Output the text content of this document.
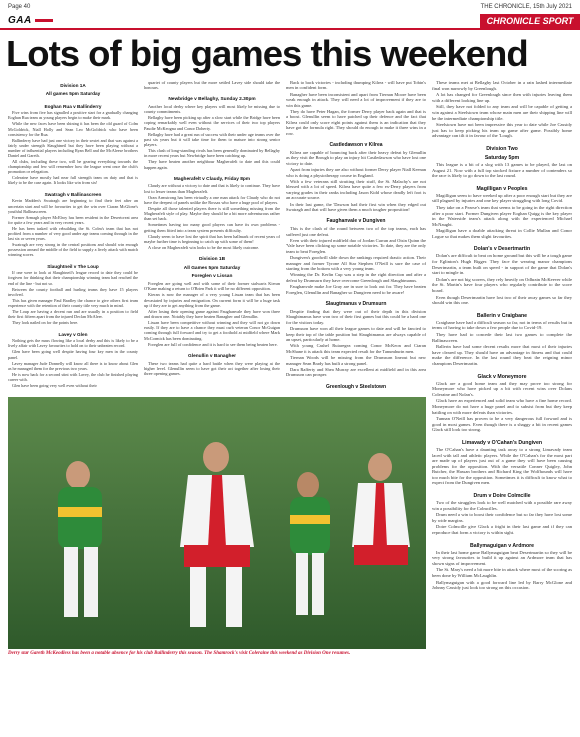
Page 40	THE CHRONICLE, 15th July 2021
GAA	CHRONICLE SPORT
Lots of big games this weekend
Division 1A
All games 5pm Saturday
Eoghan Rua v Ballinderry

Five wins from five has signalled a positive start for a gradually changing Eoghan Rua team as young players begin to make their mark.

While the new faces have been shining it has been the old guard of Colm McGoldrick, Niall Holly and Sean Leo McGoldrick who have been consistency for the Rua.

Ballinderry have had just one victory in their sextet and that was against a fairly under strength Slaughtneil but they have been playing without a number of influential players including Ryan Bell and the McAleese brothers Daniel and Gareth.

All clubs, including these two, will be gearing everything towards the championship and few will remember how the league went once the club's promotion or relegation.

Coleraine have mostly had near full strength team on duty and that is likely to be the case again. It looks like win from six!

Swatragh v Ballinascreen

Kevin Madden's Swatragh are beginning to find their feet after an uncertain start and will be favourites to get the win over Ciaran McGlone's youthful Ballinascreen.

Former Armagh player McElroy has been resident in the Desertcreat area for quite a few years and in very recent years.

He has been tasked with rebuilding the St. Colm's team that has not profited from a number of very good under age teams coming through in the last six or seven years.

Swatragh are very strong in the central positions and should win enough possession around the middle of the field to supply a lively attack with match winning scores.

Slaughtneil v The Loup

If one were to look at Slaughtneil's league record to date they could be forgiven for thinking that their championship winning team had reached the end of the line - but not so.

Between the county football and hurling teams they have 15 players involved.

This has given manager Paul Bradley the chance to give others first team experience with the retention of their county title very much in mind.

The Loup are having a decent run and are usually in a position to field their first fifteen apart from the injured Declan McAleer.

They look nailed on for the points here.

Lavey v Glen

Nothing gets the mass flowing like a local derby and this is likely to be a lively affair with Lavey favourites to hold on to their unbeaten record.

Glen have been going well despite having four key men in the county panel.

Lavey manager Jude Donnelly will know all there is to know about Glen as he managed them for the previous two years.

He is now back for a second stint with Lavey, the club he finished playing career with.

Glen have been going very well even without their

quartet of county players but the more settled Lavey side should take the honours.

Newbridge v Bellaghy, Sunday 2.30pm

Another local derby where key players will most likely be missing due to county commitments.

Bellaghy have been picking up after a slow start while the Bridge have been coping remarkably well even without the services of their two top players Paudie McKeogna and Conor Doherty.

Bellaghy have had a great run of success with their under age teams over the past six years but it will take time for them to mature into strong senior players.

This clash of long-standing rivals has been generally dominated by Bellaghy in more recent years but Newbridge have been catching up.

They have beaten another neighbour Magherafelt to date and this could happen again.

Magherafelt v Claudy, Friday 8pm

Claudy are without a victory to date and that is likely to continue. They have lost to lesser teams than Magherafelt.

Oran Armstrong has been virtually a one man attack for Claudy who do not have the deepest of panels unlike the Rossas who have a huge pool of players.

Despite all those talented players there is still something missing from the Magherafelt style of play. Maybe they should be a bit more adventurous rather than set back.

Sometimes having too many good players can have its own problems - getting them fitted into a team system presents difficulty.

Claudy seem to have lost the spirit that has been hallmark of recent years of maybe further time is beginning to catch up with some of them!

A close on Magherafelt win looks to be the most likely outcome.

Division 1B
All Games 5pm Saturday
Foreglen v Lissan

Foreglen are going well and with some of their former stalwarts Kieran O'Kane making a return to O'Brien Park it will be no different opposition.

Kieran is now the manager of a very young Lissan team that has been devastated by injuries and emigration. On current form it will be a huge task up if they are to get anything from the game.

After losing their opening game against Faughanvale they have won three and drawn one. Notably they have beaten Banagher and Glenullin.

Lissan have been competitive without winning and they will not go down easily. If they are to have a chance they must curb veteran Conor McGuigan coming through full forward and try to get a foothold at midfield where Mark McCormick has been dominating.

Foreglen are full of confidence and it is hard to see them being beaten here.

Glenullin v Banagher

These two teams had quite a hard battle when they were playing at the higher level. Glenullin seem to have got their act together after losing their three opening games.

Back to back victories - including thumping Kilrea - will have put Tobin's men in confident form.

Banagher have been inconsistent and apart from Tiernan Moore have been weak enough in attack. They will need a lot of improvement if they are to win this game.

They do have Peter Hagan, the former Derry player back again and that is a boost. Glenullin seem to have patched up their defence and the fact that Kilrea could only score eight points against them is an indication that they have got the formula right. They should do enough to make it three wins in a row.

Castledawson v Kilrea

Kilrea are capable of bouncing back after their heavy defeat by Glenullin as they visit the Brough to play an injury hit Castledawson who have lost one victory to date.

Apart from injuries they are also without former Derry player Niall Keenan who is doing a physiotherapy course in England.

With a few veterans still strutting their stuff, the St. Malachy's are not blessed with a lot of speed. Kilrea have quite a few ex-Derry players from varying grades in their ranks including Jason Kidd whose deadly left foot is an accurate source.

In their last game, the 'Dawson had their first win when they edged out Swatragh and that will have given them a much tougher proposition!

Faughanvale v Dungiven

This is the clash of the round between two of the top teams, each has suffered just one defeat.

Even with their injured midfield duo of Jordan Curran and Oisin Quinn the 'Vale have been clicking up some notable victories. To date, they are the only team to beat Foreglen.

Dungiven's goodwill slide down the rankings required drastic action. Their manager and former Tyrone All Star Stephen O'Neill is sure the case of starting from the bottom with a very young team.

Winning the Dr. Kerlin Cup was a step in the right direction and after a defeat by Drumsurn they have overcome Greenlough and Slaughtmanus.

Faughanvale make Joe Gray are in sure to look out for. They have beaten Foreglen, Glenullin and Banagher so Dungiven need to be aware!

Slaugtmanus v Drumsurn

Despite finding that they were out of their depth in this division Slaughtmanus have won two of their first games but this could be a hard one for the visitors today.

Drumsurn have won all their league games to date and will be fancied to keep their top of the table position but Slaughtmanus are always capable of an upset, particularly at home.

With young Cashel Ruiaregea coming Conor McKeon and Ciaran McShane it is attack this team expected result for the Tanumhurin men.

Tiernan Woods will be missing from the Drumsurn lineout but new manager Sean Brady has built a strong panel.

Dara Rafferty and Shea Murray are excellent at midfield and in this area Drumsurn can prosper.

Greenlough v Steelstown

These teams met at Bellaghy last October in a rain lashed intermediate final won narrowly by Greenlough.

A lot has changed for Greenlough since then with injuries leaving them with a different looking line up.

Still, they have not folded to any team and will be capable of getting a win against a Steelstown team whose main men are their shipping line will be the intermediate championship title.

Steelstown have not been impressive this year to date while Joe Cassidy just has to keep picking his team up game after game. Possibly home advantage can tilt it in favour of the 'Lough.

Division Two
Saturday 5pm

This league is a bit of a slog with 13 games to be played, the last on August 21. Now with a full top stocked fixture a number of contenders so the race is likely to go down to the last round.

Magilligan v Peoples

Magilligan seem to have weeked up after a poor enough start but they are still plagued by injuries and one key player struggling with long Covid.

They take on a Pearse's team that seems to be going in the right direction after a poor start. Former Dungiven player Eoghan Quigg is the key player in the Waterside team's attack along with the experienced Michael McNaught.

Magilligan have a doable attacking threat in Collie Mullan and Conor Logue so that makes them slight favourites.

Dolan's v Desertmartin

Dolan's are difficult to beat on home ground but this will be a tough game for Eglinton's Hugh Bigger. They face the wearing manor champions Desertmartin, a team built on speed - in support of the game that Dolan's start to mingle in.

Dolan's are not big scorers, they rely heavily on Odhrain McKeever while the St. Martin's have four players who regularly contribute to the score board.

Even though Desertmartin have lost two of their away games so far they should win this one.

Ballerin v Craigbane

Craigbane have had a difficult season so far, not in terms of results but in terms of having to take down a few people due to Covid-19.

They have had to concede their last two games to complete the Ballinascreen.

Ballerin have had some decent results more that most of their injuries have cleared up. They should have an advantage in fitness and that could make the difference. In the last round they beat the reigning minor champions Desertmartin.

Glack v Moneymore

Glack are a good home team and they may prove too strong for Moneymore who have picked up a bit with recent wins over Dolans Coleraine and Nolan's.

Glack have an experienced and solid team who have a fine home record. Moneymore do not have a huge panel and to subsist from but they keep battling on with more defeats than victories.

Tunnan O'Neill has proven to be a very dangerous full forward and is good in most games. Even though there is a shaggy a bit in recent games Glack still look too strong.

Limavady v O'Cahan's Dungiven

The O'Cahan's have a daunting task away to a strong Limavady team laced with tall and athletic players. While the O'Cahan's for the most part are made up of players just out of a game they will have been causing problems for the opposition. With the versatile Conner Quigley, John Butcher, the Hassan brothers and Richard King the Wolfhounds will have too much bite for the opposition. Sometimes it is difficult to know what to expect from the Dungiven men.

Drum v Doire Colmcille

Two of the strugglers look to be well matched with a possible rare away win a possibility for the Colmcilles.

Drum need a win to boost their confidence but so far they have lost some by wide margins.

Doire Colmcille give Glack a fright in their last game and if they can reproduce that form a victory is within sight.

Ballymaguigan v Ardmore

In their last home game Ballymaguigan beat Desertmartin so they will be very strong favourites to build it up against an Ardmore team that has shown signs of improvement.

The St. Mary's need a bit more bite in attack where most of the scoring as been done by William McLaughlin.

Ballymaguigan with a good forward line led by Barry McGlone and Johnny Cassidy just look too strong on this occasion.

Derry star Gareth McKeodless has been a notable absence for his club Ballinderry this season. The Shamrock's visit Coleraine this weekend as Division One resumes.
